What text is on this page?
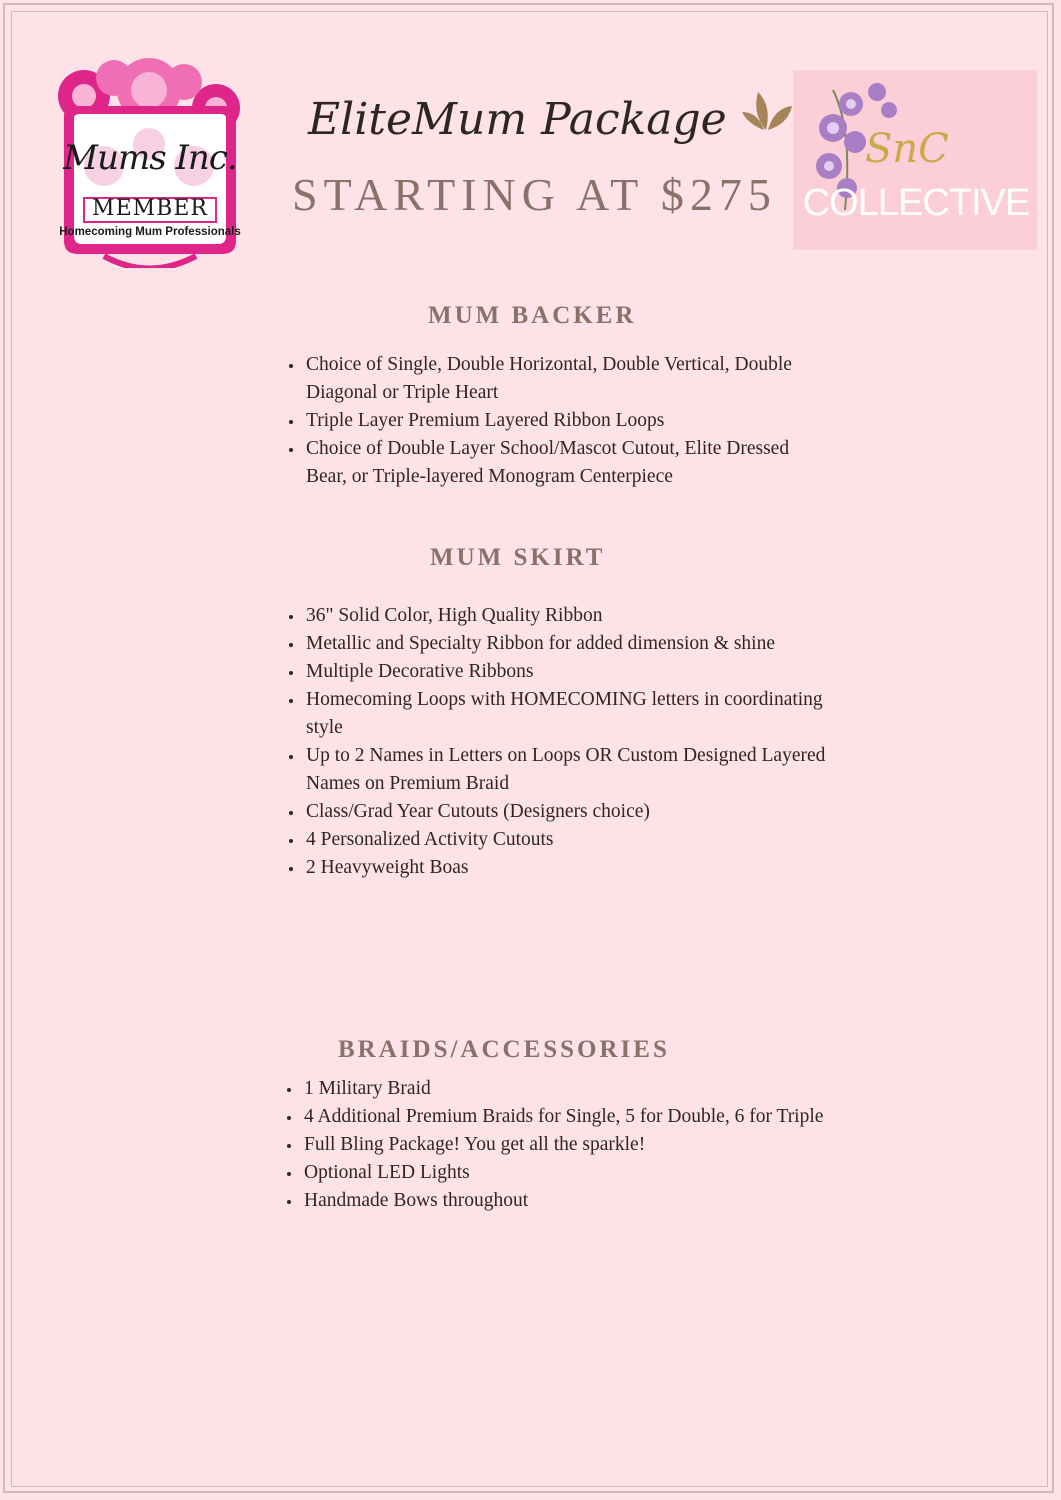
Mums Inc.
MEMBER
Homecoming Mum Professionals
EliteMum Package
STARTING AT $275
SnC
COLLECTIVE
MUM BACKER
• Choice of Single, Double Horizontal, Double Vertical, Double Diagonal or Triple Heart
• Triple Layer Premium Layered Ribbon Loops
• Choice of Double Layer School/Mascot Cutout, Elite Dressed Bear, or Triple-layered Monogram Centerpiece
MUM SKIRT
• 36" Solid Color, High Quality Ribbon
• Metallic and Specialty Ribbon for added dimension & shine
• Multiple Decorative Ribbons
• Homecoming Loops with HOMECOMING letters in coordinating style
• Up to 2 Names in Letters on Loops OR Custom Designed Layered Names on Premium Braid
• Class/Grad Year Cutouts (Designers choice)
• 4 Personalized Activity Cutouts
• 2 Heavyweight Boas
BRAIDS/ACCESSORIES
• 1 Military Braid
• 4 Additional Premium Braids for Single, 5 for Double, 6 for Triple
• Full Bling Package! You get all the sparkle!
• Optional LED Lights
• Handmade Bows throughout
